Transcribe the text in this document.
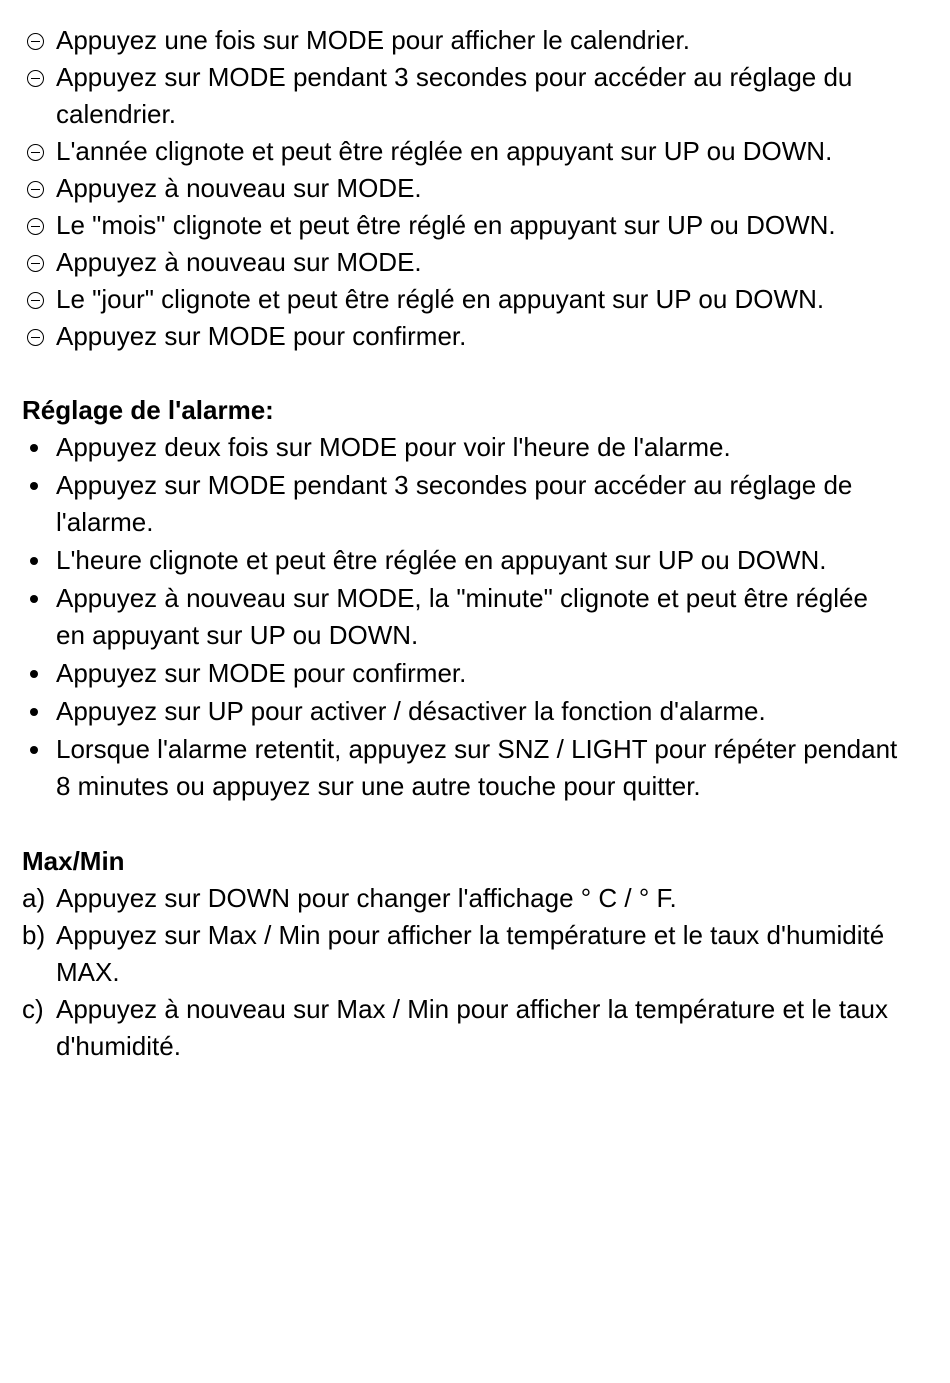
Appuyez une fois sur MODE pour afficher le calendrier.
Appuyez sur MODE pendant 3 secondes pour accéder au réglage du calendrier.
L'année clignote et peut être réglée en appuyant sur UP ou DOWN.
Appuyez à nouveau sur MODE.
Le "mois" clignote et peut être réglé en appuyant sur UP ou DOWN.
Appuyez à nouveau sur MODE.
Le "jour" clignote et peut être réglé en appuyant sur UP ou DOWN.
Appuyez sur MODE pour confirmer.

Réglage de l'alarme:

Appuyez deux fois sur MODE pour voir l'heure de l'alarme.
Appuyez sur MODE pendant 3 secondes pour accéder au réglage de l'alarme.
L'heure clignote et peut être réglée en appuyant sur UP ou DOWN.
Appuyez à nouveau sur MODE, la "minute" clignote et peut être réglée en appuyant sur UP ou DOWN.
Appuyez sur MODE pour confirmer.
Appuyez sur UP pour activer / désactiver la fonction d'alarme.
Lorsque l'alarme retentit, appuyez sur SNZ / LIGHT pour répéter pendant 8 minutes ou appuyez sur une autre touche pour quitter.

Max/Min

a) Appuyez sur DOWN pour changer l'affichage ° C / ° F.
b) Appuyez sur Max / Min pour afficher la température et le taux d'humidité MAX.
c) Appuyez à nouveau sur Max / Min pour afficher la température et le taux d'humidité.
